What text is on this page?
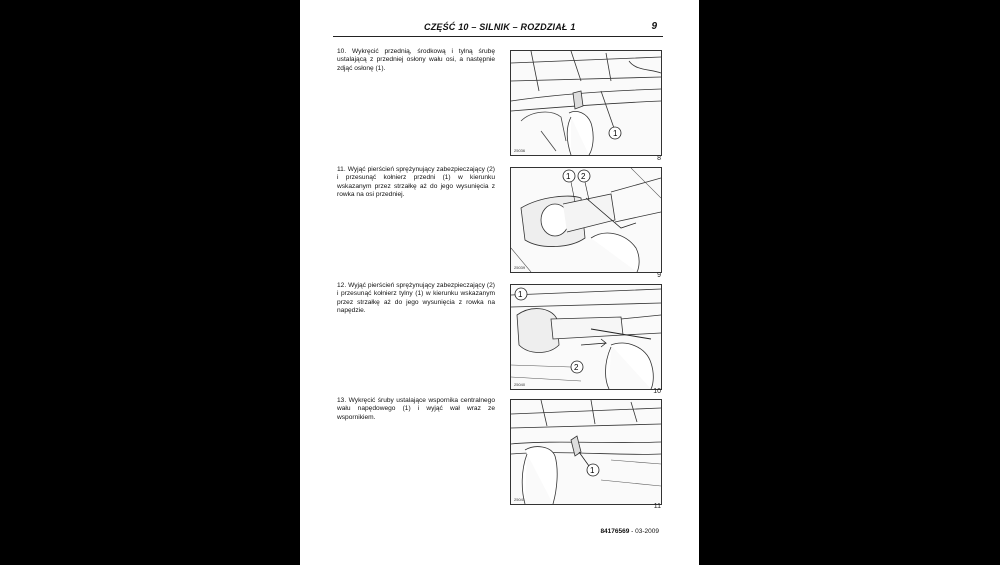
CZĘŚĆ 10 – SILNIK – ROZDZIAŁ 1	9
10. Wykręcić przednią, środkową i tylną śrubę ustalającą z przedniej osłony wału osi, a następnie zdjąć osłonę (1).
1
25036
8
11. Wyjąć pierścień sprężynujący zabezpieczający (2) i przesunąć kołnierz przedni (1) w kierunku wskazanym przez strzałkę aż do jego wysunięcia z rowka na osi przedniej.
1 2
25039
9
12. Wyjąć pierścień sprężynujący zabezpieczający (2) i przesunąć kołnierz tylny (1) w kierunku wskazanym przez strzałkę aż do jego wysunięcia z rowka na napędzie.
1
2
25040
10
13. Wykręcić śruby ustalające wspornika centralnego wału napędowego (1) i wyjąć wał wraz ze wspornikiem.
1
25041
11
84176569 - 03-2009
